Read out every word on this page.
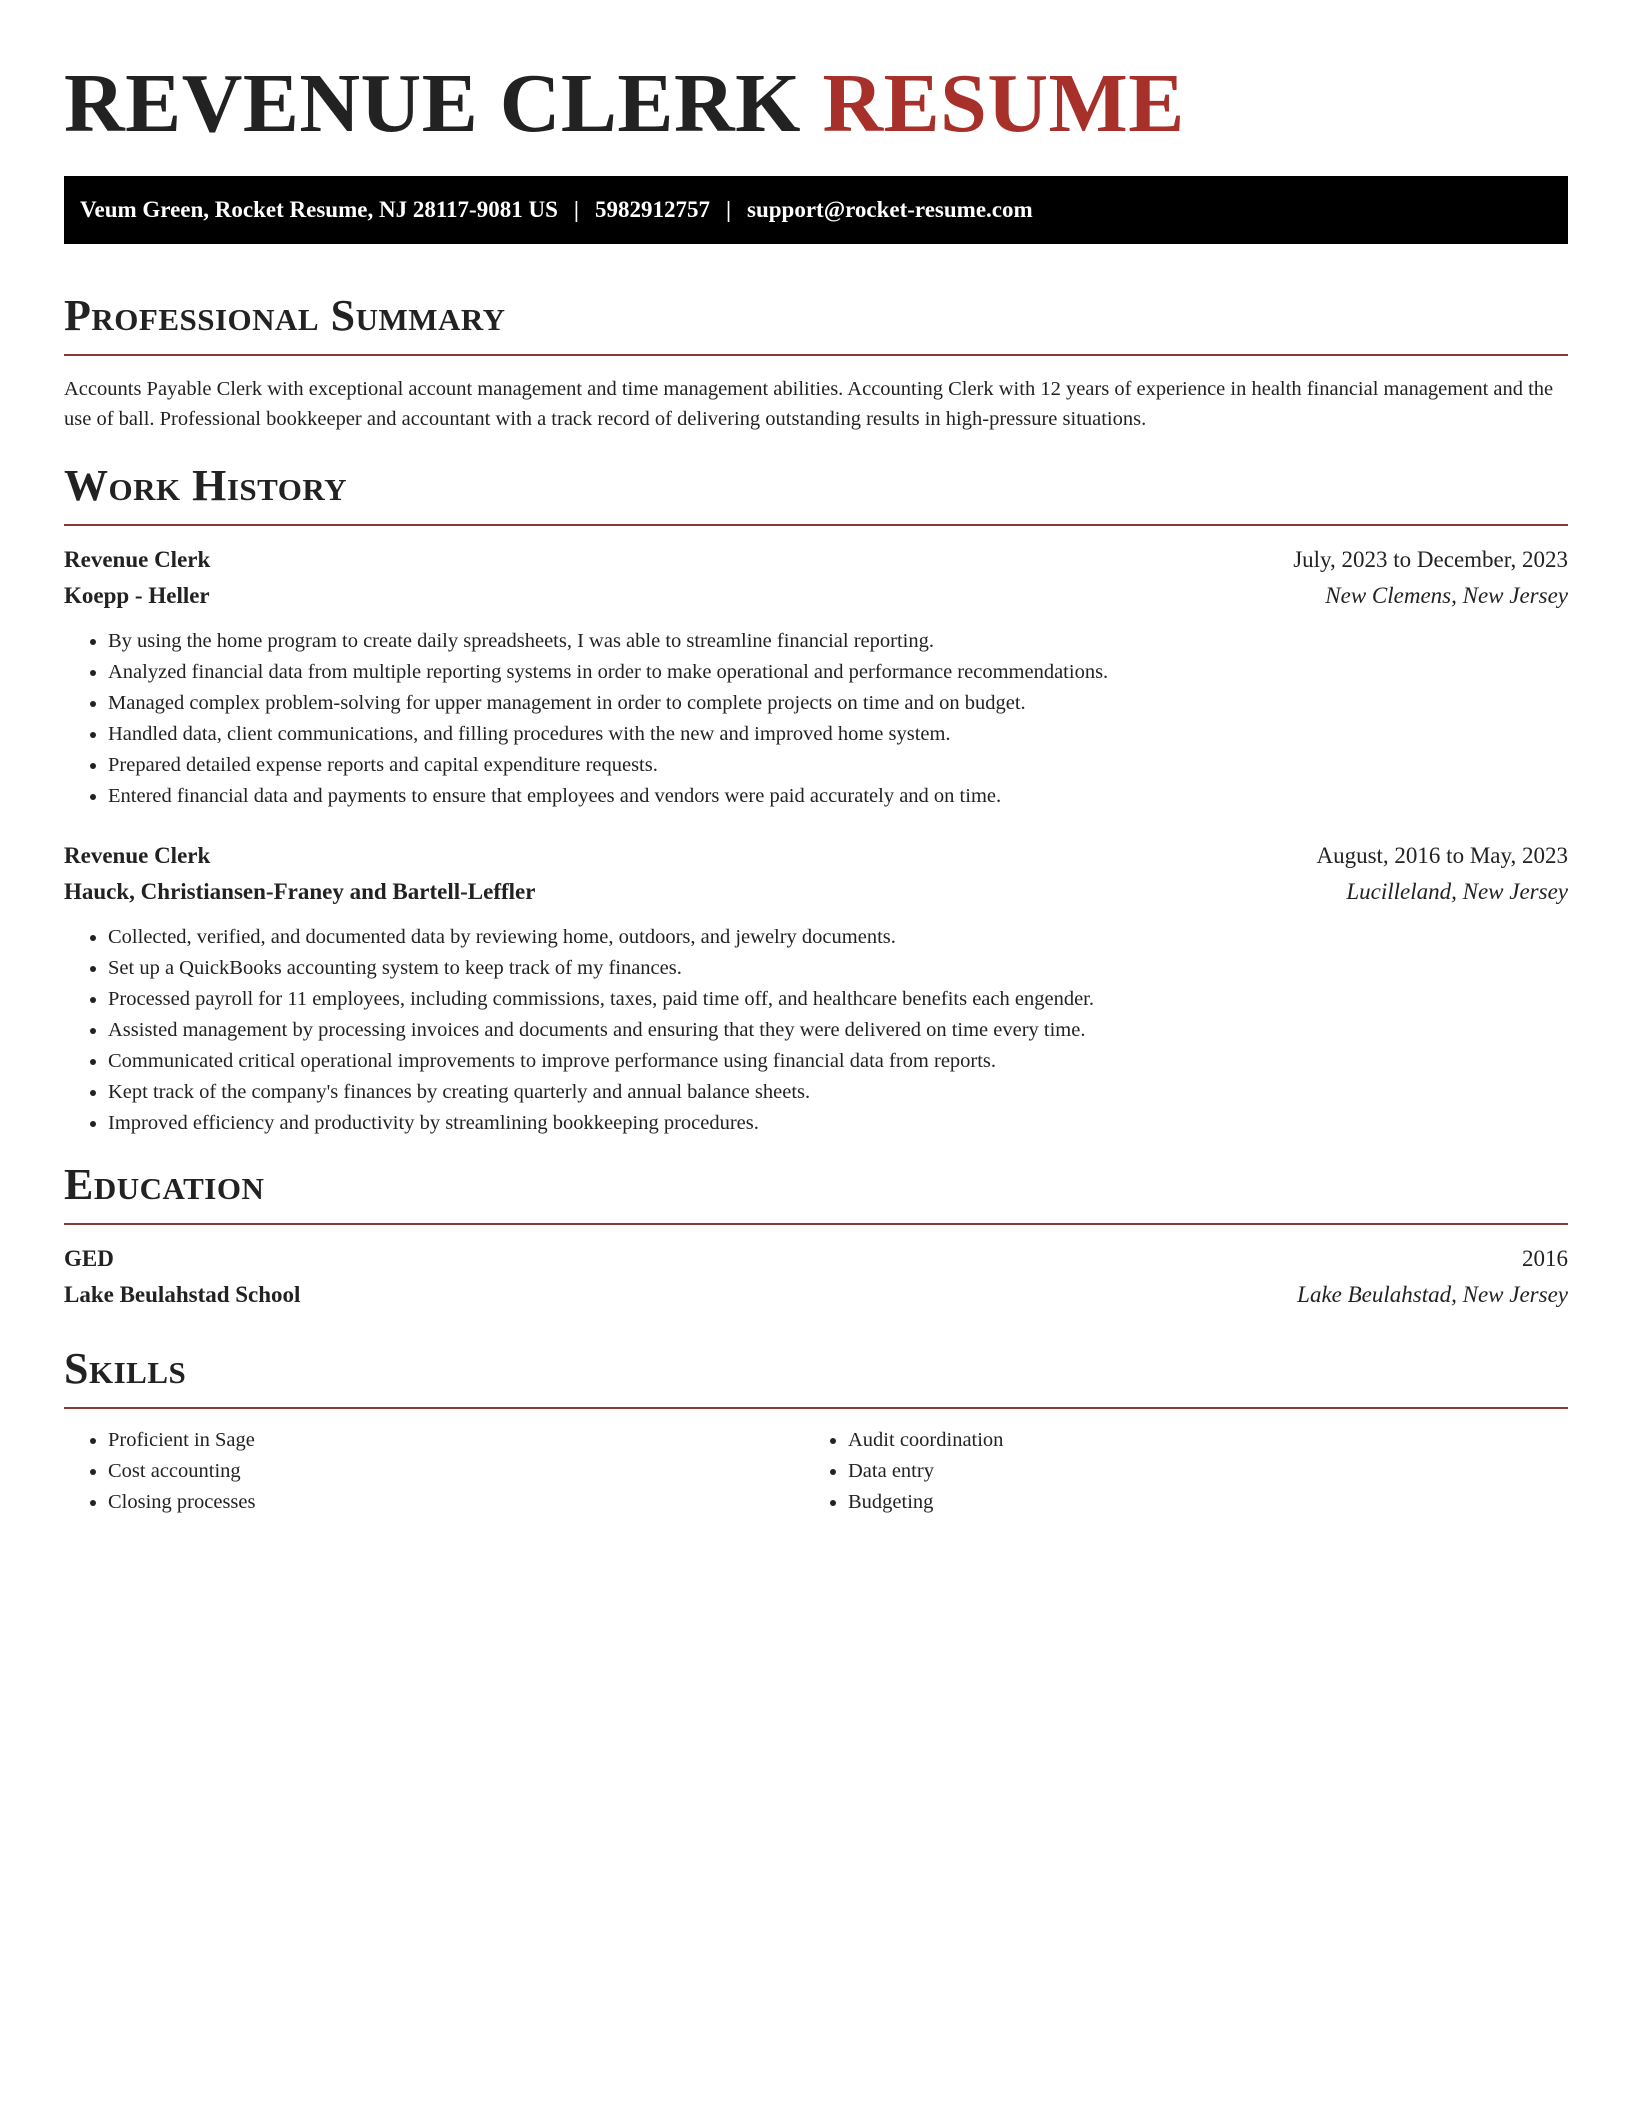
REVENUE CLERK RESUME
Veum Green, Rocket Resume, NJ 28117-9081 US | 5982912757 | support@rocket-resume.com
Professional Summary

Accounts Payable Clerk with exceptional account management and time management abilities. Accounting Clerk with 12 years of experience in health financial management and the use of ball. Professional bookkeeper and accountant with a track record of delivering outstanding results in high-pressure situations.

Work History
Revenue Clerk	July, 2023 to December, 2023
Koepp - Heller	New Clemens, New Jersey
• By using the home program to create daily spreadsheets, I was able to streamline financial reporting.
• Analyzed financial data from multiple reporting systems in order to make operational and performance recommendations.
• Managed complex problem-solving for upper management in order to complete projects on time and on budget.
• Handled data, client communications, and filling procedures with the new and improved home system.
• Prepared detailed expense reports and capital expenditure requests.
• Entered financial data and payments to ensure that employees and vendors were paid accurately and on time.
Revenue Clerk	August, 2016 to May, 2023
Hauck, Christiansen-Franey and Bartell-Leffler	Lucilleland, New Jersey
• Collected, verified, and documented data by reviewing home, outdoors, and jewelry documents.
• Set up a QuickBooks accounting system to keep track of my finances.
• Processed payroll for 11 employees, including commissions, taxes, paid time off, and healthcare benefits each engender.
• Assisted management by processing invoices and documents and ensuring that they were delivered on time every time.
• Communicated critical operational improvements to improve performance using financial data from reports.
• Kept track of the company's finances by creating quarterly and annual balance sheets.
• Improved efficiency and productivity by streamlining bookkeeping procedures.
Education
GED	2016
Lake Beulahstad School	Lake Beulahstad, New Jersey
Skills
• Proficient in Sage
• Cost accounting
• Closing processes
• Audit coordination
• Data entry
• Budgeting
